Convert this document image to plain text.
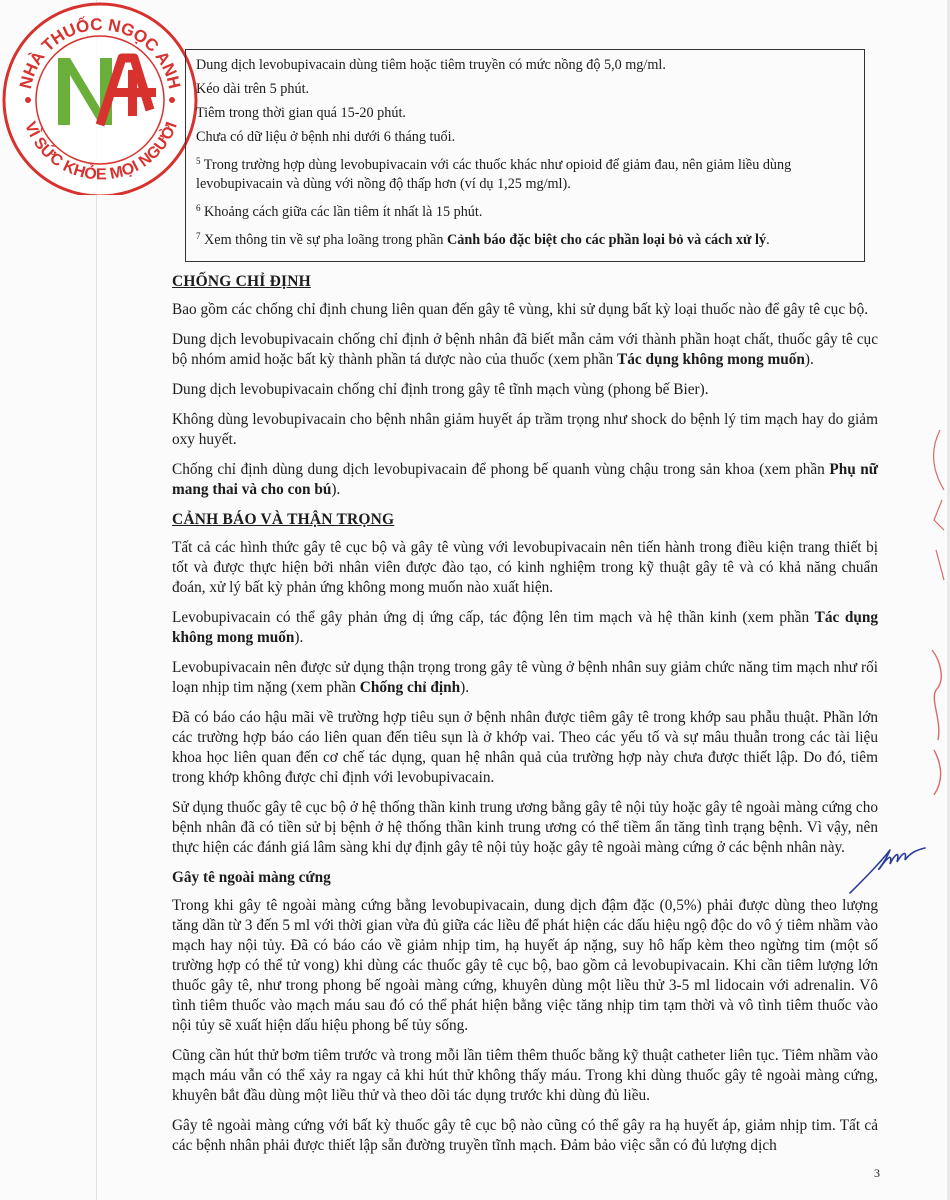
NHÀ THUỐC NGỌC ANH
VÌ SỨC KHỎE MỌI NGƯỜI

Dung dịch levobupivacain dùng tiêm hoặc tiêm truyền có mức nồng độ 5,0 mg/ml.

Kéo dài trên 5 phút.

Tiêm trong thời gian quá 15-20 phút.

Chưa có dữ liệu ở bệnh nhi dưới 6 tháng tuổi.

$^5$ Trong trường hợp dùng levobupivacain với các thuốc khác như opioid để giảm đau, nên giảm liều dùng levobupivacain và dùng với nồng độ thấp hơn (ví dụ 1,25 mg/ml).

$^6$ Khoảng cách giữa các lần tiêm ít nhất là 15 phút.

$^7$ Xem thông tin về sự pha loãng trong phần Cảnh báo đặc biệt cho các phần loại bỏ và cách xử lý.

CHỐNG CHỈ ĐỊNH

Bao gồm các chống chỉ định chung liên quan đến gây tê vùng, khi sử dụng bất kỳ loại thuốc nào để gây tê cục bộ.

Dung dịch levobupivacain chống chỉ định ở bệnh nhân đã biết mẫn cảm với thành phần hoạt chất, thuốc gây tê cục bộ nhóm amid hoặc bất kỳ thành phần tá dược nào của thuốc (xem phần Tác dụng không mong muốn).

Dung dịch levobupivacain chống chỉ định trong gây tê tĩnh mạch vùng (phong bế Bier).

Không dùng levobupivacain cho bệnh nhân giảm huyết áp trầm trọng như shock do bệnh lý tim mạch hay do giảm oxy huyết.

Chống chỉ định dùng dung dịch levobupivacain để phong bế quanh vùng chậu trong sản khoa (xem phần Phụ nữ mang thai và cho con bú).

CẢNH BÁO VÀ THẬN TRỌNG

Tất cả các hình thức gây tê cục bộ và gây tê vùng với levobupivacain nên tiến hành trong điều kiện trang thiết bị tốt và được thực hiện bởi nhân viên được đào tạo, có kinh nghiệm trong kỹ thuật gây tê và có khả năng chuẩn đoán, xử lý bất kỳ phản ứng không mong muốn nào xuất hiện.

Levobupivacain có thể gây phản ứng dị ứng cấp, tác động lên tim mạch và hệ thần kinh (xem phần Tác dụng không mong muốn).

Levobupivacain nên được sử dụng thận trọng trong gây tê vùng ở bệnh nhân suy giảm chức năng tim mạch như rối loạn nhịp tim nặng (xem phần Chống chỉ định).

Đã có báo cáo hậu mãi về trường hợp tiêu sụn ở bệnh nhân được tiêm gây tê trong khớp sau phẫu thuật. Phần lớn các trường hợp báo cáo liên quan đến tiêu sụn là ở khớp vai. Theo các yếu tố và sự mâu thuẫn trong các tài liệu khoa học liên quan đến cơ chế tác dụng, quan hệ nhân quả của trường hợp này chưa được thiết lập. Do đó, tiêm trong khớp không được chỉ định với levobupivacain.

Sử dụng thuốc gây tê cục bộ ở hệ thống thần kinh trung ương bằng gây tê nội tủy hoặc gây tê ngoài màng cứng cho bệnh nhân đã có tiền sử bị bệnh ở hệ thống thần kinh trung ương có thể tiềm ẩn tăng tình trạng bệnh. Vì vậy, nên thực hiện các đánh giá lâm sàng khi dự định gây tê nội tủy hoặc gây tê ngoài màng cứng ở các bệnh nhân này.

Gây tê ngoài màng cứng

Trong khi gây tê ngoài màng cứng bằng levobupivacain, dung dịch đậm đặc (0,5%) phải được dùng theo lượng tăng dần từ 3 đến 5 ml với thời gian vừa đủ giữa các liều để phát hiện các dấu hiệu ngộ độc do vô ý tiêm nhầm vào mạch hay nội tủy. Đã có báo cáo về giảm nhịp tim, hạ huyết áp nặng, suy hô hấp kèm theo ngừng tim (một số trường hợp có thể tử vong) khi dùng các thuốc gây tê cục bộ, bao gồm cả levobupivacain. Khi cần tiêm lượng lớn thuốc gây tê, như trong phong bế ngoài màng cứng, khuyên dùng một liều thử 3-5 ml lidocain với adrenalin. Vô tình tiêm thuốc vào mạch máu sau đó có thể phát hiện bằng việc tăng nhịp tim tạm thời và vô tình tiêm thuốc vào nội tủy sẽ xuất hiện dấu hiệu phong bế tủy sống.

Cũng cần hút thử bơm tiêm trước và trong mỗi lần tiêm thêm thuốc bằng kỹ thuật catheter liên tục. Tiêm nhầm vào mạch máu vẫn có thể xảy ra ngay cả khi hút thử không thấy máu. Trong khi dùng thuốc gây tê ngoài màng cứng, khuyên bắt đầu dùng một liều thử và theo dõi tác dụng trước khi dùng đủ liều.

Gây tê ngoài màng cứng với bất kỳ thuốc gây tê cục bộ nào cũng có thể gây ra hạ huyết áp, giảm nhịp tim. Tất cả các bệnh nhân phải được thiết lập sẵn đường truyền tĩnh mạch. Đảm bảo việc sẵn có đủ lượng dịch

3
